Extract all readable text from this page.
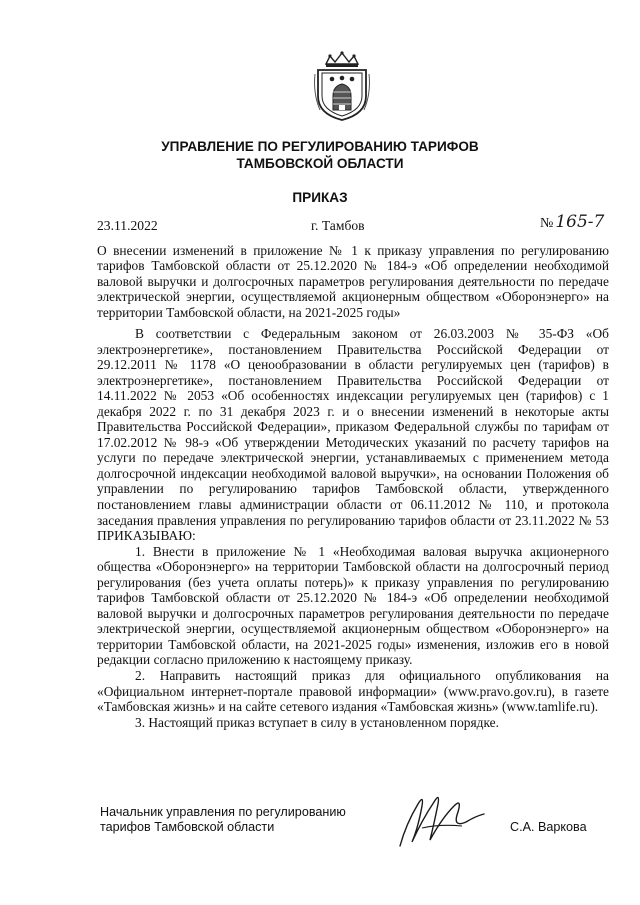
УПРАВЛЕНИЕ ПО РЕГУЛИРОВАНИЮ ТАРИФОВ
ТАМБОВСКОЙ ОБЛАСТИ
ПРИКАЗ
23.11.2022	г. Тамбов	№ 165-7
О внесении изменений в приложение № 1 к приказу управления по регулированию тарифов Тамбовской области от 25.12.2020 № 184-э «Об определении необходимой валовой выручки и долгосрочных параметров регулирования деятельности по передаче электрической энергии, осуществляемой акционерным обществом «Оборонэнерго» на территории Тамбовской области, на 2021-2025 годы»

В соответствии с Федеральным законом от 26.03.2003 № 35-ФЗ «Об электроэнергетике», постановлением Правительства Российской Федерации от 29.12.2011 № 1178 «О ценообразовании в области регулируемых цен (тарифов) в электроэнергетике», постановлением Правительства Российской Федерации от 14.11.2022 № 2053 «Об особенностях индексации регулируемых цен (тарифов) с 1 декабря 2022 г. по 31 декабря 2023 г. и о внесении изменений в некоторые акты Правительства Российской Федерации», приказом Федеральной службы по тарифам от 17.02.2012 № 98-э «Об утверждении Методических указаний по расчету тарифов на услуги по передаче электрической энергии, устанавливаемых с применением метода долгосрочной индексации необходимой валовой выручки», на основании Положения об управлении по регулированию тарифов Тамбовской области, утвержденного постановлением главы администрации области от 06.11.2012 № 110, и протокола заседания правления управления по регулированию тарифов области от 23.11.2022 № 53 ПРИКАЗЫВАЮ:

1. Внести в приложение № 1 «Необходимая валовая выручка акционерного общества «Оборонэнерго» на территории Тамбовской области на долгосрочный период регулирования (без учета оплаты потерь)» к приказу управления по регулированию тарифов Тамбовской области от 25.12.2020 № 184-э «Об определении необходимой валовой выручки и долгосрочных параметров регулирования деятельности по передаче электрической энергии, осуществляемой акционерным обществом «Оборонэнерго» на территории Тамбовской области, на 2021-2025 годы» изменения, изложив его в новой редакции согласно приложению к настоящему приказу.

2. Направить настоящий приказ для официального опубликования на «Официальном интернет-портале правовой информации» (www.pravo.gov.ru), в газете «Тамбовская жизнь» и на сайте сетевого издания «Тамбовская жизнь» (www.tamlife.ru).

3. Настоящий приказ вступает в силу в установленном порядке.

Начальник управления по регулированию
тарифов Тамбовской области	С.А. Варкова
